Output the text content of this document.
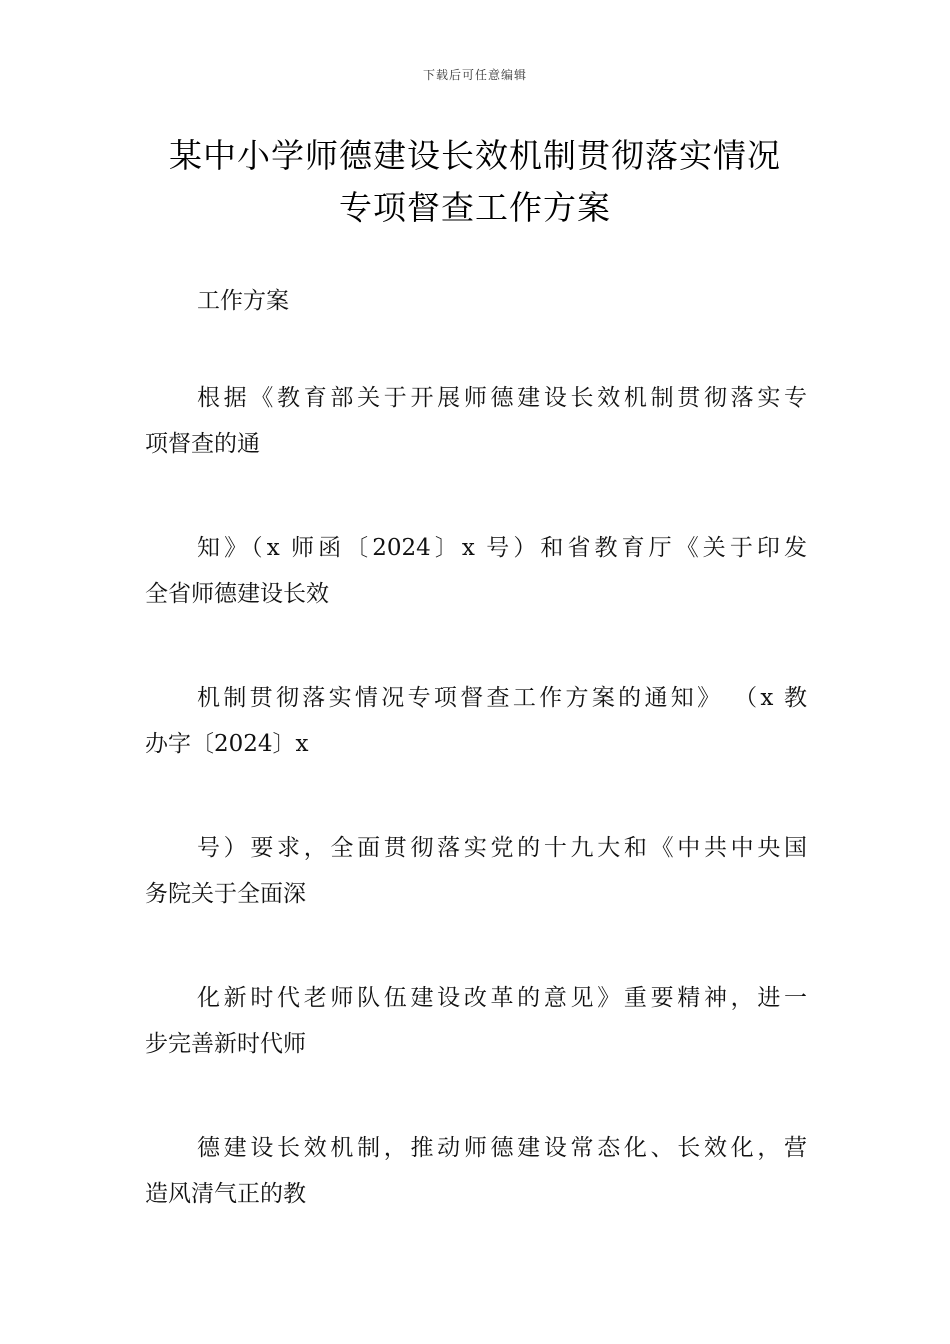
下载后可任意编辑
某中小学师德建设长效机制贯彻落实情况
专项督查工作方案

工作方案

根据《教育部关于开展师德建设长效机制贯彻落实专
项督查的通

知》（x 师函〔2024〕x 号）和省教育厅《关于印发
全省师德建设长效

机制贯彻落实情况专项督查工作方案的通知》 （x 教
办字〔2024〕x

号）要求，全面贯彻落实党的十九大和《中共中央国
务院关于全面深

化新时代老师队伍建设改革的意见》重要精神，进一
步完善新时代师

德建设长效机制，推动师德建设常态化、长效化，营
造风清气正的教
